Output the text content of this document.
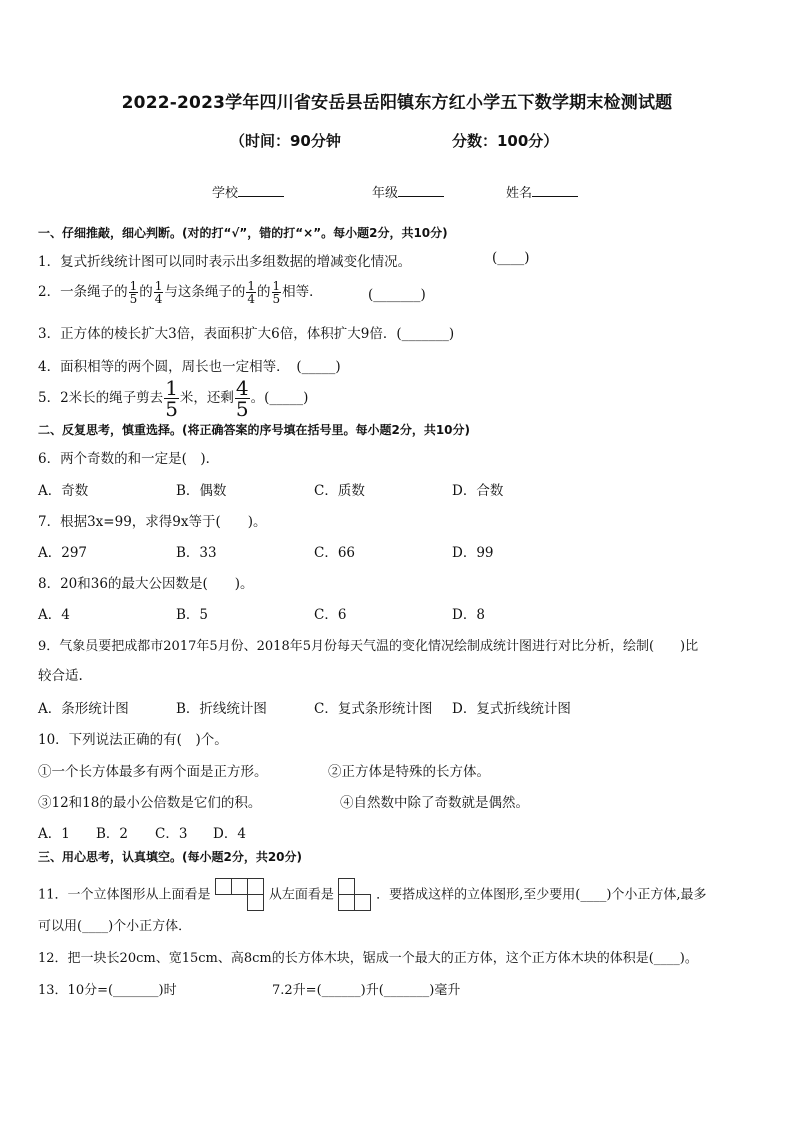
2022-2023学年四川省安岳县岳阳镇东方红小学五下数学期末检测试题
（时间：90分钟	分数：100分）
学校	年级	姓名
一、仔细推敲，细心判断。(对的打“√”，错的打“×”。每小题2分，共10分)
1．复式折线统计图可以同时表示出多组数据的增减变化情况。	(____)
2．一条绳子的 $\frac{1}{5}$ 的 $\frac{1}{4}$ 与这条绳子的 $\frac{1}{4}$ 的 $\frac{1}{5}$ 相等．	(_______)
3．正方体的棱长扩大3倍，表面积扩大6倍，体积扩大9倍．(_______)
4．面积相等的两个圆，周长也一定相等．　(_____)
5．2米长的绳子剪去 $\frac{1}{5}$ 米，还剩 $\frac{4}{5}$ 。(_____)
二、反复思考，慎重选择。(将正确答案的序号填在括号里。每小题2分，共10分)
6．两个奇数的和一定是(　)．
A．奇数	B．偶数	C．质数	D．合数
7．根据3x=99，求得9x等于(　　)。
A．297	B．33	C．66	D．99
8．20和36的最大公因数是(　　)。
A．4	B．5	C．6	D．8
9．气象员要把成都市2017年5月份、2018年5月份每天气温的变化情况绘制成统计图进行对比分析，绘制(　　)比
较合适.
A．条形统计图	B．折线统计图	C．复式条形统计图 D．复式折线统计图
10．下列说法正确的有(　)个。
①一个长方体最多有两个面是正方形。	②正方体是特殊的长方体。
③12和18的最小公倍数是它们的积。	④自然数中除了奇数就是偶然。
A．1 B．2 C．3 D．4
三、用心思考，认真填空。(每小题2分，共20分)
11．一个立体图形从上面看是	从左面看是	．要搭成这样的立体图形,至少要用(____)个小正方体,最多
可以用(____)个小正方体．
12．把一块长20cm、宽15cm、高8cm的长方体木块，锯成一个最大的正方体，这个正方体木块的体积是(____)。
13．10分=(_______)时	7.2升=(______)升(_______)毫升
